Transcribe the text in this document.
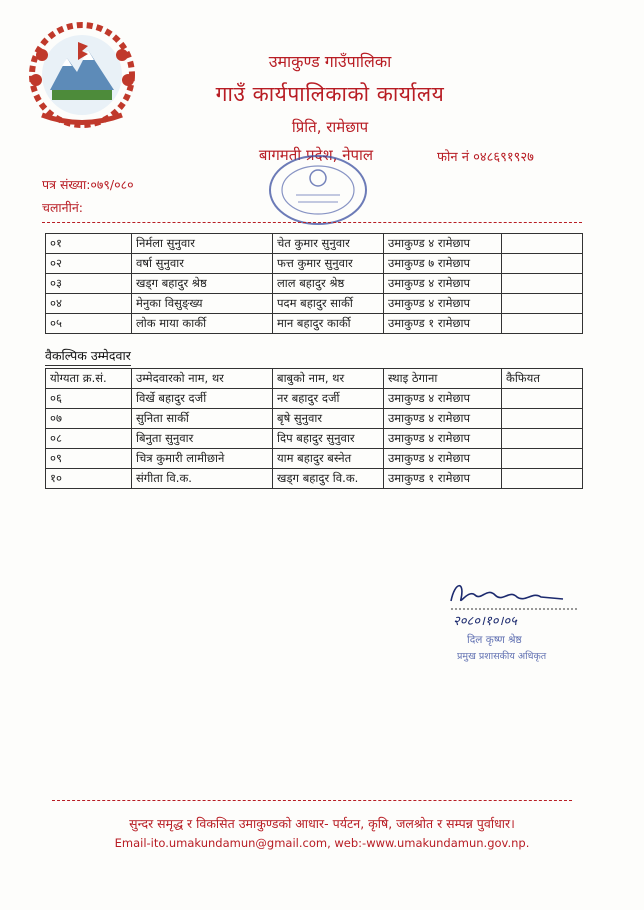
उमाकुण्ड गाउँपालिका
गाउँ कार्यपालिकाको कार्यालय
प्रिति, रामेछाप
बागमती प्रदेश, नेपाल	फोन नं ०४८६९१९२७
पत्र संख्या:०७९/०८०
चलानीनं:
०१	निर्मला सुनुवार	चेत कुमार सुनुवार	उमाकुण्ड ४ रामेछाप	
०२	वर्षा सुनुवार	फत्त कुमार सुनुवार	उमाकुण्ड ७ रामेछाप	
०३	खड्ग बहादुर श्रेष्ठ	लाल बहादुर श्रेष्ठ	उमाकुण्ड ४ रामेछाप	
०४	मेनुका विसुङ्ख्य	पदम बहादुर सार्की	उमाकुण्ड ४ रामेछाप	
०५	लोक माया कार्की	मान बहादुर कार्की	उमाकुण्ड १ रामेछाप	
वैकल्पिक उम्मेदवार
योग्यता क्र.सं.	उम्मेदवारको नाम, थर	बाबुको नाम, थर	स्थाइ ठेगाना	कैफियत
०६	विर्खे बहादुर दर्जी	नर बहादुर दर्जी	उमाकुण्ड ४ रामेछाप	
०७	सुनिता सार्की	बृषे सुनुवार	उमाकुण्ड ४ रामेछाप	
०८	बिनुता सुनुवार	दिप बहादुर सुनुवार	उमाकुण्ड ४ रामेछाप	
०९	चित्र कुमारी लामीछाने	याम बहादुर बस्नेत	उमाकुण्ड ४ रामेछाप	
१०	संगीता वि.क.	खड्ग बहादुर वि.क.	उमाकुण्ड १ रामेछाप	
२०८०।१०।०५
दिल कृष्ण श्रेष्ठ
प्रमुख प्रशासकीय अधिकृत
सुन्दर समृद्ध र विकसित उमाकुण्डको आधार- पर्यटन, कृषि, जलश्रोत र सम्पन्न पुर्वाधार।
Email-ito.umakundamun@gmail.com, web:-www.umakundamun.gov.np.
